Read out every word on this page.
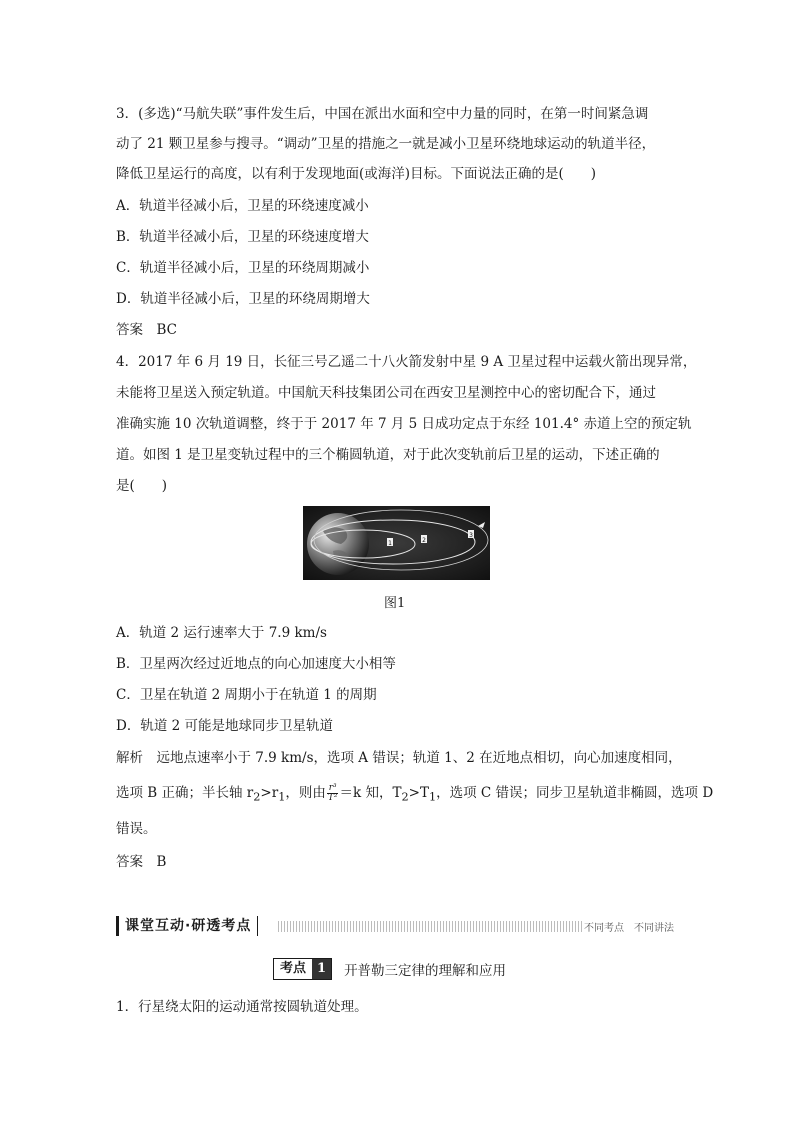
3．(多选)“马航失联”事件发生后，中国在派出水面和空中力量的同时，在第一时间紧急调
动了 21 颗卫星参与搜寻。“调动”卫星的措施之一就是减小卫星环绕地球运动的轨道半径，
降低卫星运行的高度，以有利于发现地面(或海洋)目标。下面说法正确的是(　　)
A．轨道半径减小后，卫星的环绕速度减小
B．轨道半径减小后，卫星的环绕速度增大
C．轨道半径减小后，卫星的环绕周期减小
D．轨道半径减小后，卫星的环绕周期增大
答案　BC
4．2017 年 6 月 19 日，长征三号乙遥二十八火箭发射中星 9 A 卫星过程中运载火箭出现异常，
未能将卫星送入预定轨道。中国航天科技集团公司在西安卫星测控中心的密切配合下，通过
准确实施 10 次轨道调整，终于于 2017 年 7 月 5 日成功定点于东经 101.4° 赤道上空的预定轨
道。如图 1 是卫星变轨过程中的三个椭圆轨道，对于此次变轨前后卫星的运动，下述正确的
是(　　)
1	2
3
图1
A．轨道 2 运行速率大于 7.9 km/s
B．卫星两次经过近地点的向心加速度大小相等
C．卫星在轨道 2 周期小于在轨道 1 的周期
D．轨道 2 可能是地球同步卫星轨道
解析　远地点速率小于 7.9 km/s，选项 A 错误；轨道 1、2 在近地点相切，向心加速度相同，
选项 B 正确；半长轴 $r_2>r_1$，则由 $\frac{\text{r³}}{\text{T²}} =k$ 知，$T_2>T_1$，选项 C 错误；同步卫星轨道非椭圆，选项 D
错误。
答案　B
课堂互动·研透考点	不同考点　不同讲法
考点 1	开普勒三定律的理解和应用
1．行星绕太阳的运动通常按圆轨道处理。
